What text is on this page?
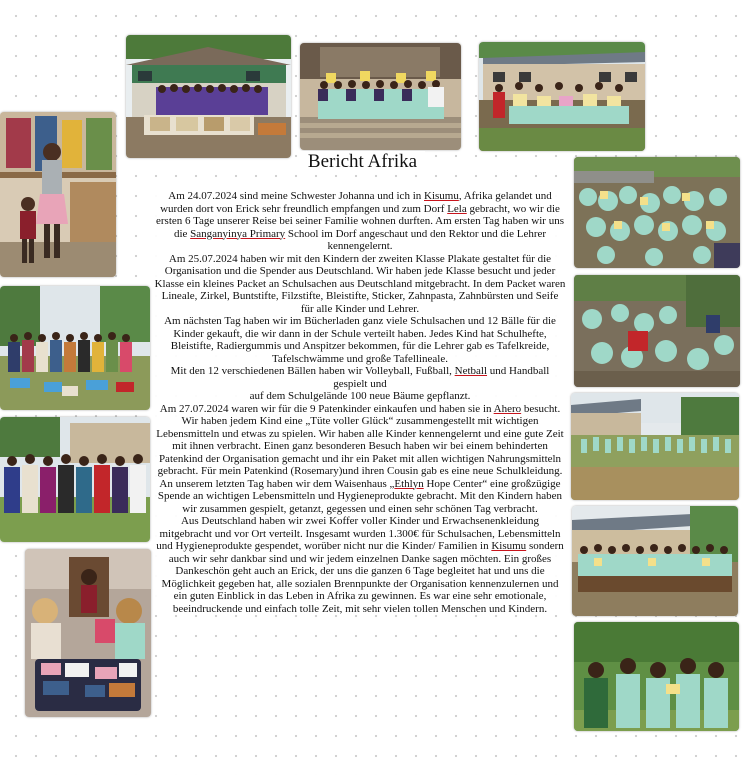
Bericht Afrika

Am 24.07.2024 sind meine Schwester Johanna und ich in Kisumu, Afrika gelandet und wurden dort von Erick sehr freundlich empfangen und zum Dorf Lela gebracht, wo wir die ersten 6 Tage unserer Reise bei seiner Familie wohnen durften. Am ersten Tag haben wir uns die Sanganyinya Primary School im Dorf angeschaut und den Rektor und die Lehrer kennengelernt.

Am 25.07.2024 haben wir mit den Kindern der zweiten Klasse Plakate gestaltet für die Organisation und die Spender aus Deutschland. Wir haben jede Klasse besucht und jeder Klasse ein kleines Packet an Schulsachen aus Deutschland mitgebracht. In dem Packet waren Lineale, Zirkel, Buntstifte, Filzstifte, Bleistifte, Sticker, Zahnpasta, Zahnbürsten und Seife für alle Kinder und Lehrer.

Am nächsten Tag haben wir im Bücherladen ganz viele Schulsachen und 12 Bälle für die Kinder gekauft, die wir dann in der Schule verteilt haben. Jedes Kind hat Schulhefte, Bleistifte, Radiergummis und Anspitzer bekommen, für die Lehrer gab es Tafelkreide, Tafelschwämme und große Tafellineale.

Mit den 12 verschiedenen Bällen haben wir Volleyball, Fußball, Netball und Handball gespielt und

auf dem Schulgelände 100 neue Bäume gepflanzt.

Am 27.07.2024 waren wir für die 9 Patenkinder einkaufen und haben sie in Ahero besucht. Wir haben jedem Kind eine „Tüte voller Glück“ zusammengestellt mit wichtigen Lebensmitteln und etwas zu spielen. Wir haben alle Kinder kennengelernt und eine gute Zeit mit ihnen verbracht. Einen ganz besonderen Besuch haben wir bei einem behinderten Patenkind der Organisation gemacht und ihr ein Paket mit allen wichtigen Nahrungsmitteln gebracht. Für mein Patenkind (Rosemary)und ihren Cousin gab es eine neue Schulkleidung.

An unserem letzten Tag haben wir dem Waisenhaus „Ethlyn Hope Center“ eine großzügige Spende an wichtigen Lebensmitteln und Hygieneprodukte gebracht. Mit den Kindern haben wir zusammen gespielt, getanzt, gegessen und einen sehr schönen Tag verbracht.

Aus Deutschland haben wir zwei Koffer voller Kinder und Erwachsenenkleidung mitgebracht und vor Ort verteilt. Insgesamt wurden 1.300€ für Schulsachen, Lebensmitteln und Hygieneprodukte gespendet, worüber nicht nur die Kinder/ Familien in Kisumu sondern auch wir sehr dankbar sind und wir jedem einzelnen Danke sagen möchten. Ein großes Dankeschön geht auch an Erick, der uns die ganzen 6 Tage begleitet hat und uns die Möglichkeit gegeben hat, alle sozialen Brennpunkte der Organisation kennenzulernen und ein guten Einblick in das Leben in Afrika zu gewinnen. Es war eine sehr emotionale, beeindruckende und einfach tolle Zeit, mit sehr vielen tollen Menschen und Kindern.
